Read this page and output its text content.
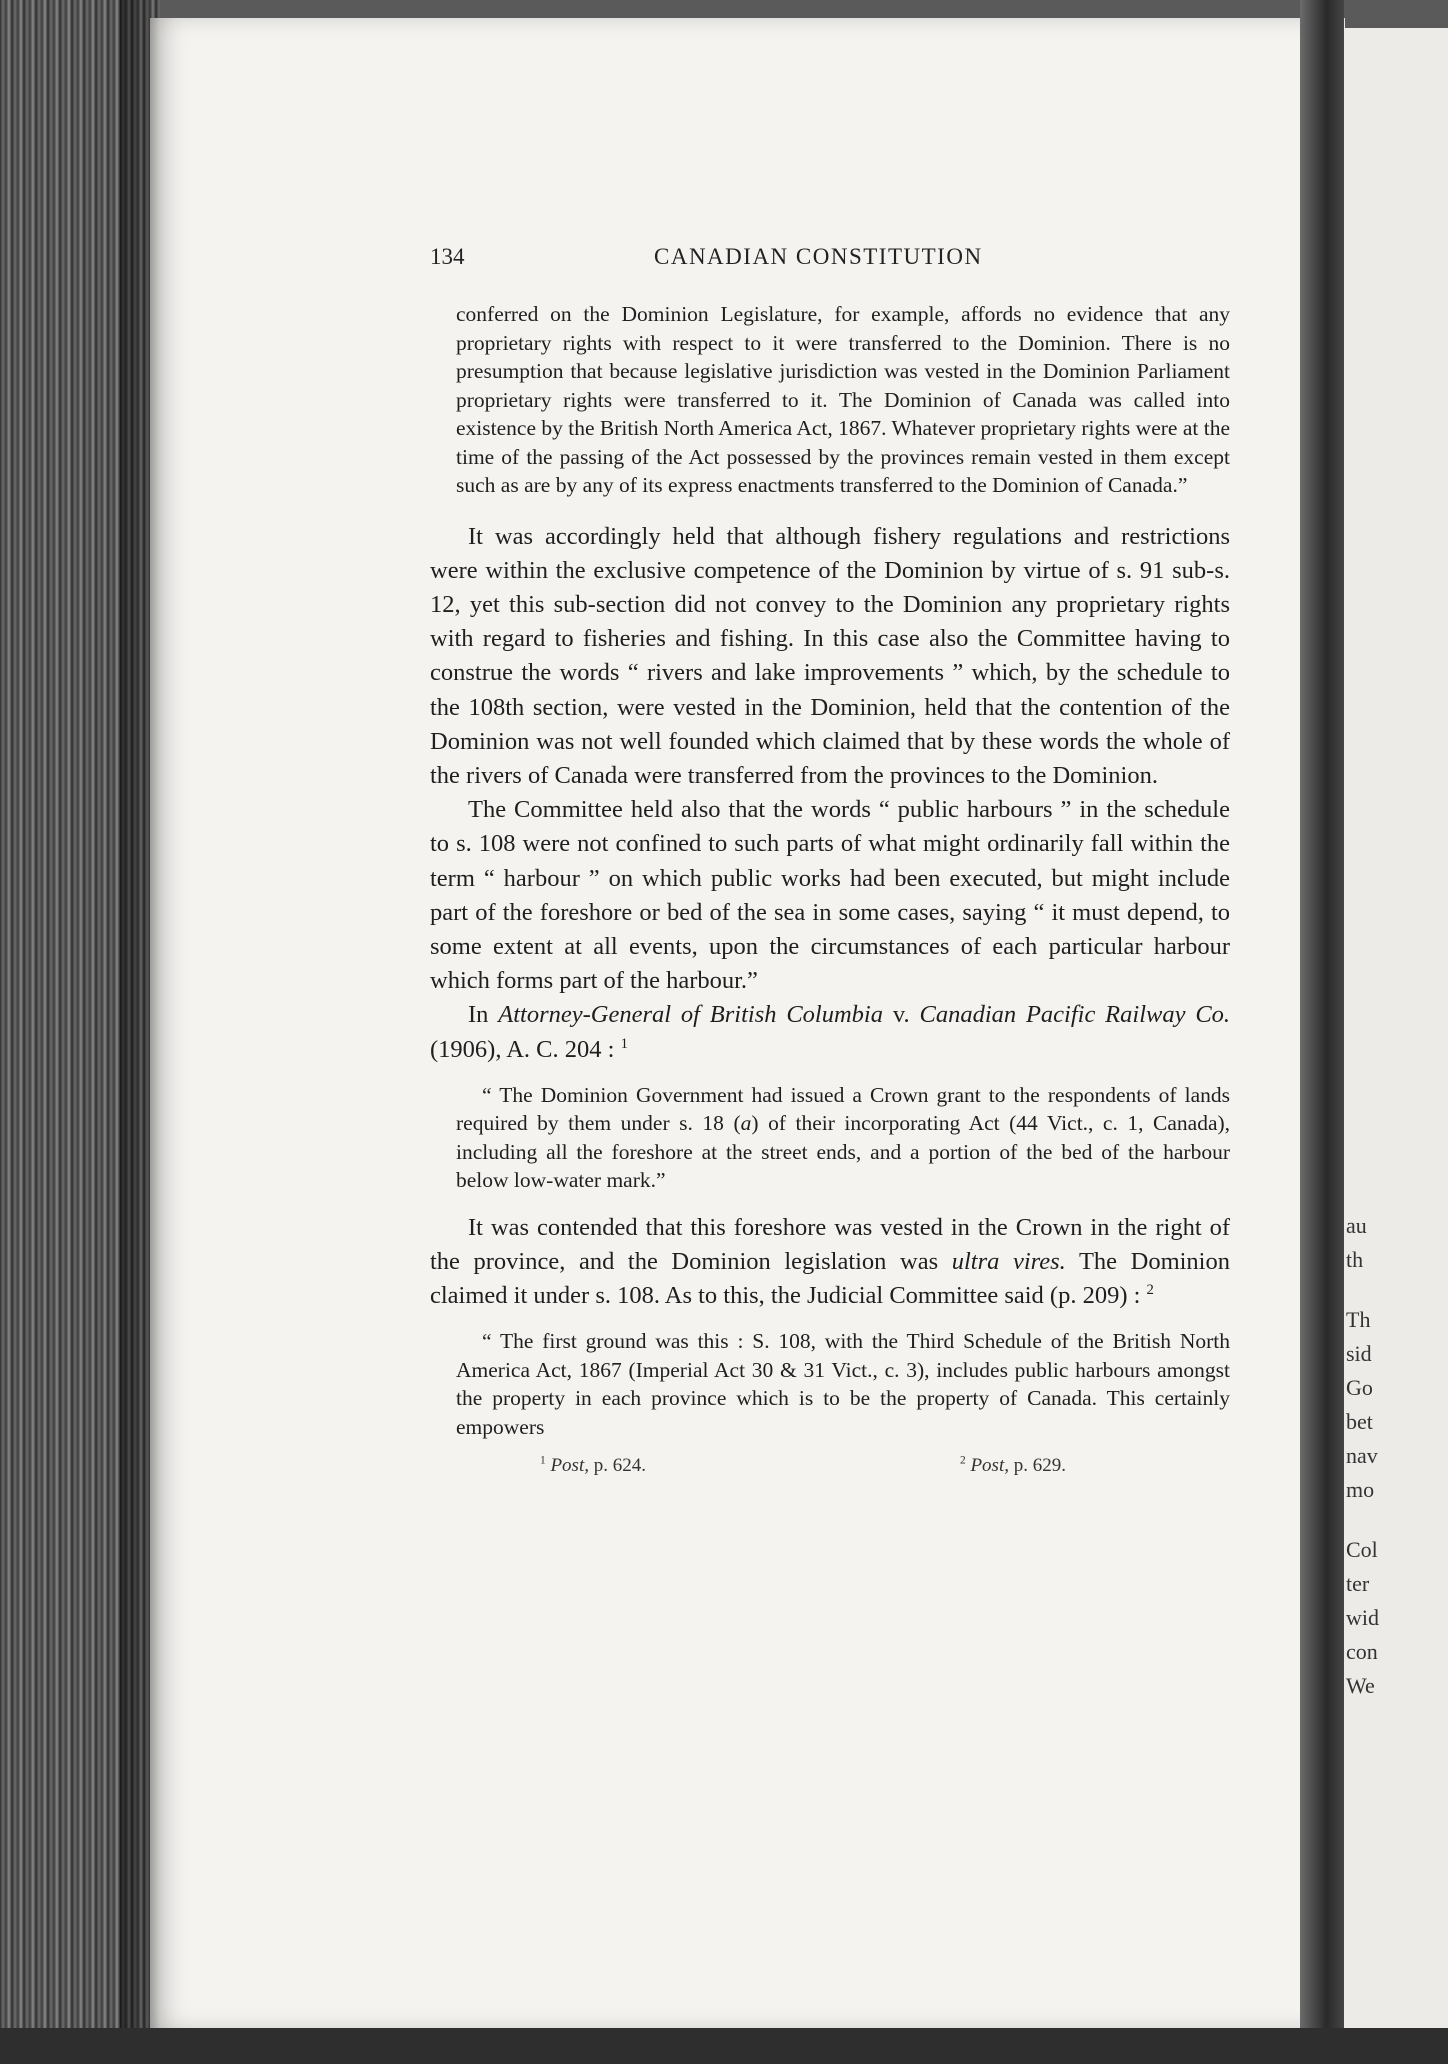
au
th
Th
sid
Go
bet
nav
mo
Col
ter
wid
con
We
134	CANADIAN CONSTITUTION

conferred on the Dominion Legislature, for example, affords no evidence that any proprietary rights with respect to it were transferred to the Dominion. There is no presumption that because legislative jurisdiction was vested in the Dominion Parliament proprietary rights were transferred to it. The Dominion of Canada was called into existence by the British North America Act, 1867. Whatever proprietary rights were at the time of the passing of the Act possessed by the provinces remain vested in them except such as are by any of its express enactments transferred to the Dominion of Canada.”

It was accordingly held that although fishery regulations and restrictions were within the exclusive competence of the Dominion by virtue of s. 91 sub-s. 12, yet this sub-section did not convey to the Dominion any proprietary rights with regard to fisheries and fishing. In this case also the Committee having to construe the words “ rivers and lake improvements ” which, by the schedule to the 108th section, were vested in the Dominion, held that the contention of the Dominion was not well founded which claimed that by these words the whole of the rivers of Canada were transferred from the provinces to the Dominion.

The Committee held also that the words “ public harbours ” in the schedule to s. 108 were not confined to such parts of what might ordinarily fall within the term “ harbour ” on which public works had been executed, but might include part of the foreshore or bed of the sea in some cases, saying “ it must depend, to some extent at all events, upon the circumstances of each particular harbour which forms part of the harbour.”

In Attorney-General of British Columbia v. Canadian Pacific Railway Co. (1906), A. C. 204 : $^1$

“ The Dominion Government had issued a Crown grant to the respondents of lands required by them under s. 18 (a) of their incorporating Act (44 Vict., c. 1, Canada), including all the foreshore at the street ends, and a portion of the bed of the harbour below low-water mark.”

It was contended that this foreshore was vested in the Crown in the right of the province, and the Dominion legislation was ultra vires. The Dominion claimed it under s. 108. As to this, the Judicial Committee said (p. 209) : $^2$

“ The first ground was this : S. 108, with the Third Schedule of the British North America Act, 1867 (Imperial Act 30 & 31 Vict., c. 3), includes public harbours amongst the property in each province which is to be the property of Canada. This certainly empowers

$^1$ Post, p. 624.	$^2$ Post, p. 629.
